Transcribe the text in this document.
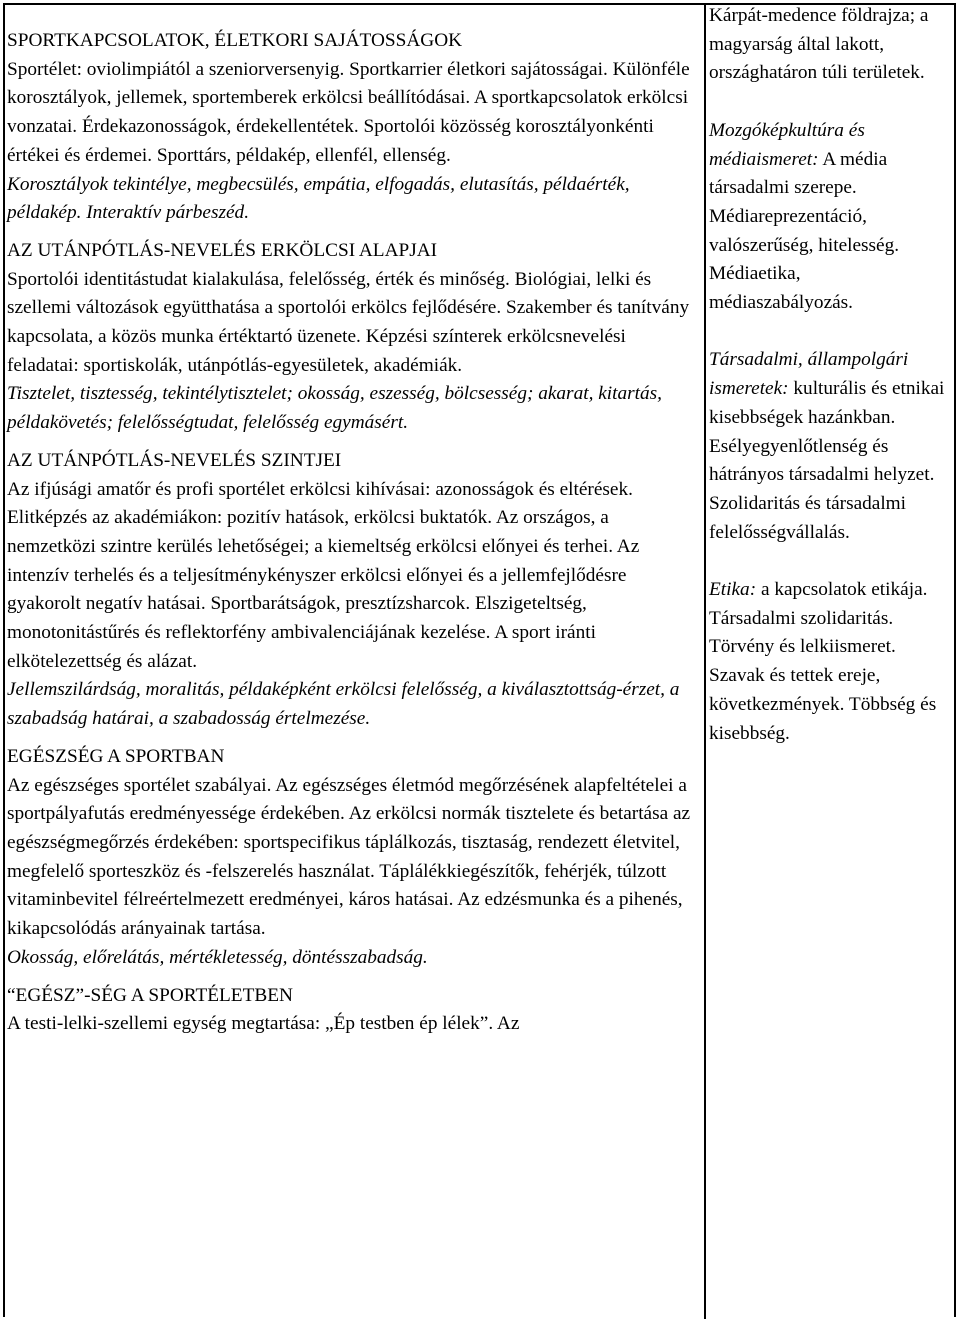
SPORTKAPCSOLATOK, ÉLETKORI SAJÁTOSSÁGOK

Sportélet: oviolimpiától a szeniorversenyig. Sportkarrier életkori sajátosságai. Különféle korosztályok, jellemek, sportemberek erkölcsi beállítódásai. A sportkapcsolatok erkölcsi vonzatai. Érdekazonosságok, érdekellentétek. Sportolói közösség korosztályonkénti értékei és érdemei. Sporttárs, példakép, ellenfél, ellenség.

Korosztályok tekintélye, megbecsülés, empátia, elfogadás, elutasítás, példaérték, példakép. Interaktív párbeszéd.

AZ UTÁNPÓTLÁS-NEVELÉS ERKÖLCSI ALAPJAI

Sportolói identitástudat kialakulása, felelősség, érték és minőség. Biológiai, lelki és szellemi változások együtthatása a sportolói erkölcs fejlődésére. Szakember és tanítvány kapcsolata, a közös munka értéktartó üzenete. Képzési színterek erkölcsnevelési feladatai: sportiskolák, utánpótlás-egyesületek, akadémiák.

Tisztelet, tisztesség, tekintélytisztelet; okosság, eszesség, bölcsesség; akarat, kitartás, példakövetés; felelősségtudat, felelősség egymásért.

AZ UTÁNPÓTLÁS-NEVELÉS SZINTJEI

Az ifjúsági amatőr és profi sportélet erkölcsi kihívásai: azonosságok és eltérések. Elitképzés az akadémiákon: pozitív hatások, erkölcsi buktatók. Az országos, a nemzetközi szintre kerülés lehetőségei; a kiemeltség erkölcsi előnyei és terhei. Az intenzív terhelés és a teljesítménykényszer erkölcsi előnyei és a jellemfejlődésre gyakorolt negatív hatásai. Sportbarátságok, presztízsharcok. Elszigeteltség, monotonitástűrés és reflektorfény ambivalenciájának kezelése. A sport iránti elkötelezettség és alázat.

Jellemszilárdság, moralitás, példaképként erkölcsi felelősség, a kiválasztottság-érzet, a szabadság határai, a szabadosság értelmezése.

EGÉSZSÉG A SPORTBAN

Az egészséges sportélet szabályai. Az egészséges életmód megőrzésének alapfeltételei a sportpályafutás eredményessége érdekében. Az erkölcsi normák tisztelete és betartása az egészségmegőrzés érdekében: sportspecifikus táplálkozás, tisztaság, rendezett életvitel, megfelelő sporteszköz és -felszerelés használat. Táplálékkiegészítők, fehérjék, túlzott vitaminbevitel félreértelmezett eredményei, káros hatásai. Az edzésmunka és a pihenés, kikapcsolódás arányainak tartása.

Okosság, előrelátás, mértékletesség, döntésszabadság.

“EGÉSZ”-SÉG A SPORTÉLETBEN

A testi-lelki-szellemi egység megtartása: „Ép testben ép lélek”. Az

Kárpát-medence földrajza; a magyarság által lakott, országhatáron túli területek.

Mozgóképkultúra és médiaismeret: A média társadalmi szerepe. Médiareprezentáció, valószerűség, hitelesség. Médiaetika, médiaszabályozás.

Társadalmi, állampolgári ismeretek: kulturális és etnikai kisebbségek hazánkban. Esélyegyenlőtlenség és hátrányos társadalmi helyzet. Szolidaritás és társadalmi felelősségvállalás.

Etika: a kapcsolatok etikája. Társadalmi szolidaritás. Törvény és lelkiismeret. Szavak és tettek ereje, következmények. Többség és kisebbség.
